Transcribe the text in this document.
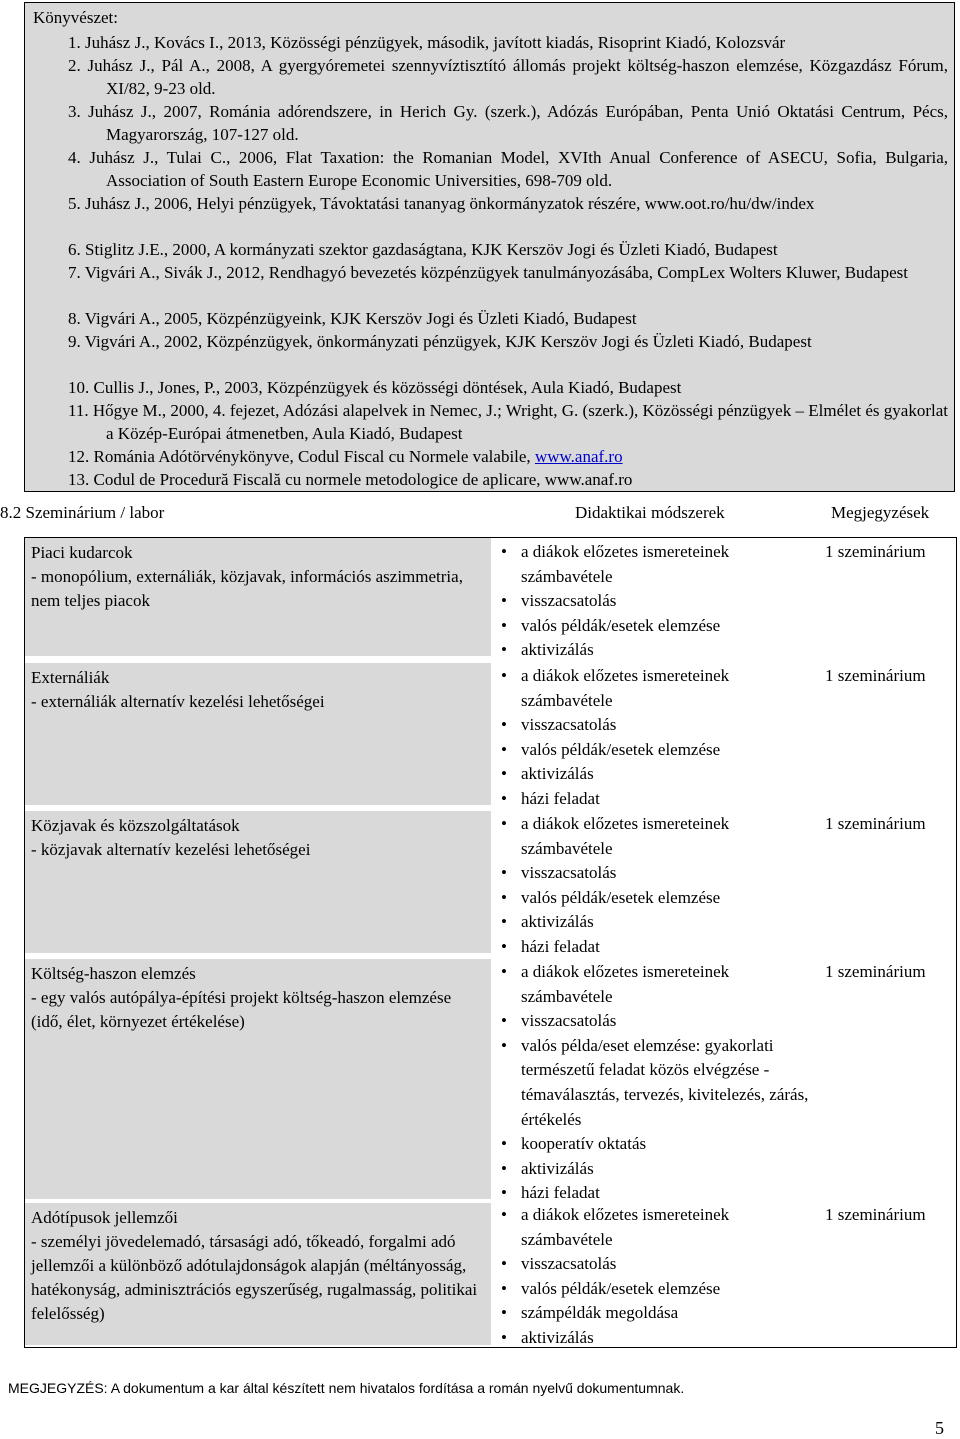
Könyvészet:
1. Juhász J., Kovács I., 2013, Közösségi pénzügyek, második, javított kiadás, Risoprint Kiadó, Kolozsvár
2. Juhász J., Pál A., 2008, A gyergyóremetei szennyvíztisztító állomás projekt költség-haszon elemzése, Közgazdász Fórum, XI/82, 9-23 old.
3. Juhász J., 2007, Románia adórendszere, in Herich Gy. (szerk.), Adózás Európában, Penta Unió Oktatási Centrum, Pécs, Magyarország, 107-127 old.
4. Juhász J., Tulai C., 2006, Flat Taxation: the Romanian Model, XVIth Anual Conference of ASECU, Sofia, Bulgaria, Association of South Eastern Europe Economic Universities, 698-709 old.
5. Juhász J., 2006, Helyi pénzügyek, Távoktatási tananyag önkormányzatok részére, www.oot.ro/hu/dw/index
6. Stiglitz J.E., 2000, A kormányzati szektor gazdaságtana, KJK Kerszöv Jogi és Üzleti Kiadó, Budapest
7. Vigvári A., Sivák J., 2012, Rendhagyó bevezetés közpénzügyek tanulmányozásába, CompLex Wolters Kluwer, Budapest
8. Vigvári A., 2005, Közpénzügyeink, KJK Kerszöv Jogi és Üzleti Kiadó, Budapest
9. Vigvári A., 2002, Közpénzügyek, önkormányzati pénzügyek, KJK Kerszöv Jogi és Üzleti Kiadó, Budapest
10. Cullis J., Jones, P., 2003, Közpénzügyek és közösségi döntések, Aula Kiadó, Budapest
11. Hőgye M., 2000, 4. fejezet, Adózási alapelvek in Nemec, J.; Wright, G. (szerk.), Közösségi pénzügyek – Elmélet és gyakorlat a Közép-Európai átmenetben, Aula Kiadó, Budapest
12. Románia Adótörvénykönyve, Codul Fiscal cu Normele valabile, www.anaf.ro
13. Codul de Procedură Fiscală cu normele metodologice de aplicare, www.anaf.ro
8.2 Szeminárium / labor	Didaktikai módszerek	Megjegyzések
Piaci kudarcok
- monopólium, externáliák, közjavak, információs aszimmetria, nem teljes piacok
Externáliák
- externáliák alternatív kezelési lehetőségei
Közjavak és közszolgáltatások
- közjavak alternatív kezelési lehetőségei
Költség-haszon elemzés
- egy valós autópálya-építési projekt költség-haszon elemzése (idő, élet, környezet értékelése)
Adótípusok jellemzői
- személyi jövedelemadó, társasági adó, tőkeadó, forgalmi adó jellemzői a különböző adótulajdonságok alapján (méltányosság, hatékonyság, adminisztrációs egyszerűség, rugalmasság, politikai felelősség)
• a diákok előzetes ismereteinek számbavétele
• visszacsatolás
• valós példák/esetek elemzése
• aktivizálás
• a diákok előzetes ismereteinek számbavétele
• visszacsatolás
• valós példák/esetek elemzése
• aktivizálás
• házi feladat
• a diákok előzetes ismereteinek számbavétele
• visszacsatolás
• valós példák/esetek elemzése
• aktivizálás
• házi feladat
• a diákok előzetes ismereteinek számbavétele
• visszacsatolás
• valós példa/eset elemzése: gyakorlati természetű feladat közös elvégzése - témaválasztás, tervezés, kivitelezés, zárás, értékelés
• kooperatív oktatás
• aktivizálás
• házi feladat
• a diákok előzetes ismereteinek számbavétele
• visszacsatolás
• valós példák/esetek elemzése
• számpéldák megoldása
• aktivizálás
1 szeminárium
1 szeminárium
1 szeminárium
1 szeminárium
1 szeminárium
MEGJEGYZÉS: A dokumentum a kar által készített nem hivatalos fordítása a román nyelvű dokumentumnak.
5
